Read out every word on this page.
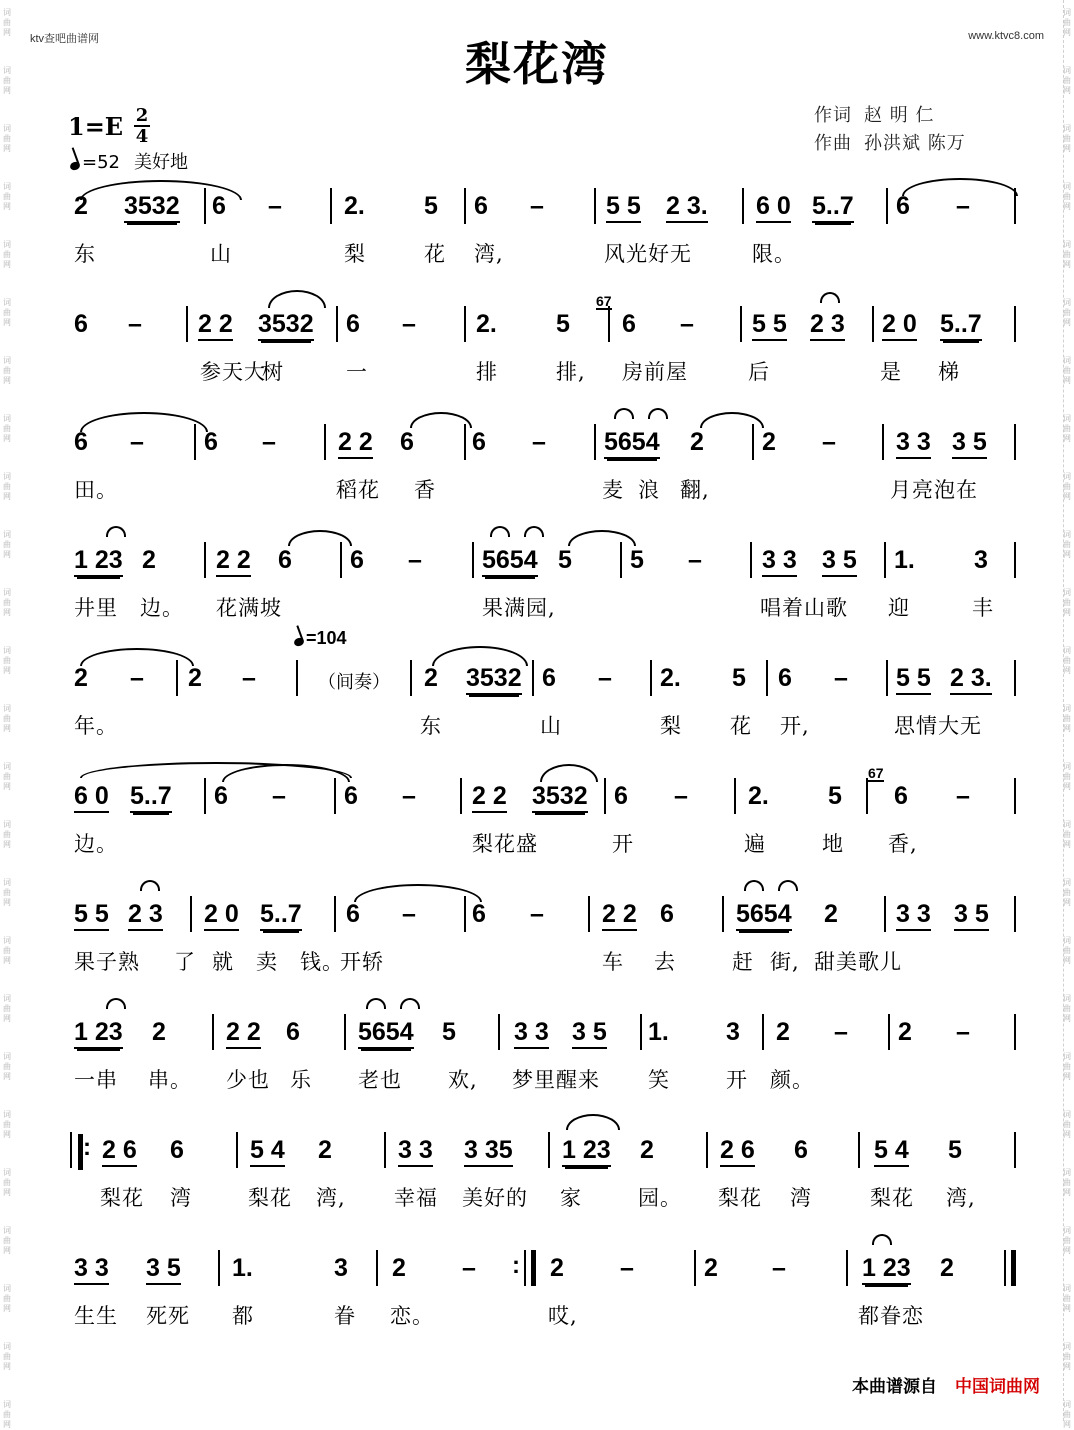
词
曲
网
词
曲
网
词
曲
网
词
曲
网
词
曲
网
词
曲
网
词
曲
网
词
曲
网
词
曲
网
词
曲
网
词
曲
网
词
曲
网
词
曲
网
词
曲
网
词
曲
网
词
曲
网
词
曲
网
词
曲
网
词
曲
网
词
曲
网
词
曲
网
词
曲
网
词
曲
网
词
曲
网
词
曲
网
词
曲
网
词
曲
网
词
曲
网
词
曲
网
词
曲
网
词
曲
网
词
曲
网
词
曲
网
词
曲
网
词
曲
网
词
曲
网
词
曲
网
词
曲
网
词
曲
网
词
曲
网
词
曲
网
词
曲
网
词
曲
网
词
曲
网
词
曲
网
词
曲
网
词
曲
网
词
曲
网
词
曲
网
词
曲
网
ktv查吧曲谱网	www.ktvc8.com
梨花湾
1=E 2
4
=52 美好地
作词 赵 明 仁
作曲 孙洪斌 陈万
2 3532 6 – 2. 5 6 – 5 5 2 3. 6 0 5..7 6 –
东	山	梨	花 湾,	风光好无	限。
6 – 2 2 3532 6 – 2. 5 6 – 5 5 2 3 2 0 5..7
67
参天大
树	一	排	排, 房前屋	后	是 梯
6 – 6 – 2 2 6 6 – 5654 2 2 – 3 3 3 5
田。	稻花 香	麦 浪 翻,	月亮泡在
1 23 2 2 2 6 6 – 5654 5 5 – 3 3 3 5 1. 3
井里 边。 花满坡	果满园,	唱着山歌 迎	丰
2 – 2 –	2 3532 6 – 2. 5 6 – 5 5 2 3.
（间奏）
=104
年。	东	山	梨 花 开,	思情大无
6 0 5..7 6 – 6 – 2 2 3532 6 – 2. 5 6 –
67
边。	梨花盛	开	遍	地 香,
5 5 2 3 2 0 5..7 6 – 6 – 2 2 6 5654 2 3 3 3 5
果子熟 了 就 卖 钱。
开轿	车 去	赶 街, 甜美歌儿
1 23 2 2 2 6 5654 5 3 3 3 5 1. 3 2 – 2 –
一串 串。 少也 乐 老也 欢, 梦里醒来 笑	开 颜。
2 6 6	5 4 2	3 3 3 35 1 23 2	2 6 6	5 4 5
:
梨花 湾	梨花 湾, 幸福 美好的 家	园。 梨花 湾	梨花 湾,
3 3 3 5 1.	3 2 –	2 –	2 –	1 23 2
:
生生 死死 都	眷 恋。	哎,	都眷恋
本曲谱源自 中国词曲网
